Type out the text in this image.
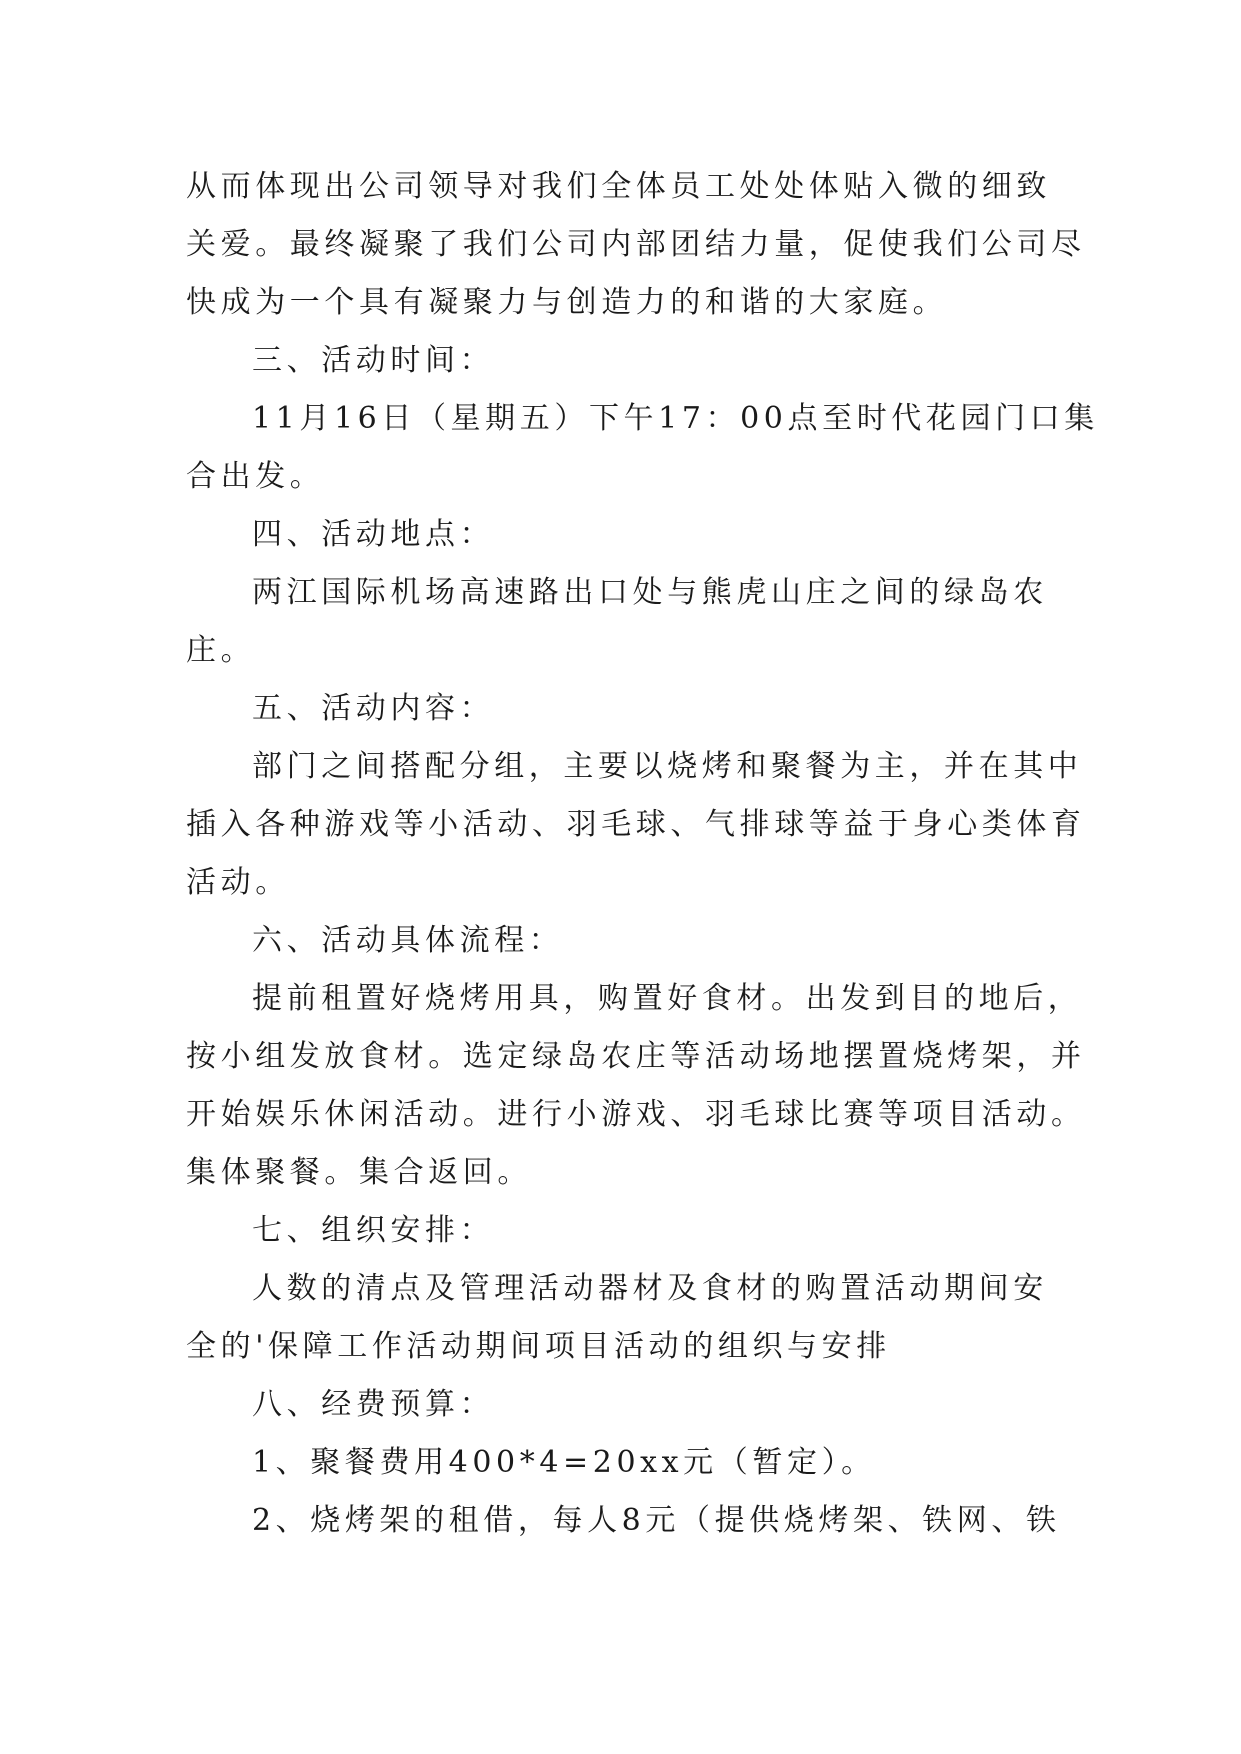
从而体现出公司领导对我们全体员工处处体贴入微的细致
关爱。最终凝聚了我们公司内部团结力量，促使我们公司尽
快成为一个具有凝聚力与创造力的和谐的大家庭。
三、活动时间：
11月16日（星期五）下午17：00点至时代花园门口集
合出发。
四、活动地点：
两江国际机场高速路出口处与熊虎山庄之间的绿岛农
庄。
五、活动内容：
部门之间搭配分组，主要以烧烤和聚餐为主，并在其中
插入各种游戏等小活动、羽毛球、气排球等益于身心类体育
活动。
六、活动具体流程：
提前租置好烧烤用具，购置好食材。出发到目的地后，
按小组发放食材。选定绿岛农庄等活动场地摆置烧烤架，并
开始娱乐休闲活动。进行小游戏、羽毛球比赛等项目活动。
集体聚餐。集合返回。
七、组织安排：
人数的清点及管理活动器材及食材的购置活动期间安
全的'保障工作活动期间项目活动的组织与安排
八、经费预算：
1、聚餐费用400*4=20xx元（暂定）。
2、烧烤架的租借，每人8元（提供烧烤架、铁网、铁
